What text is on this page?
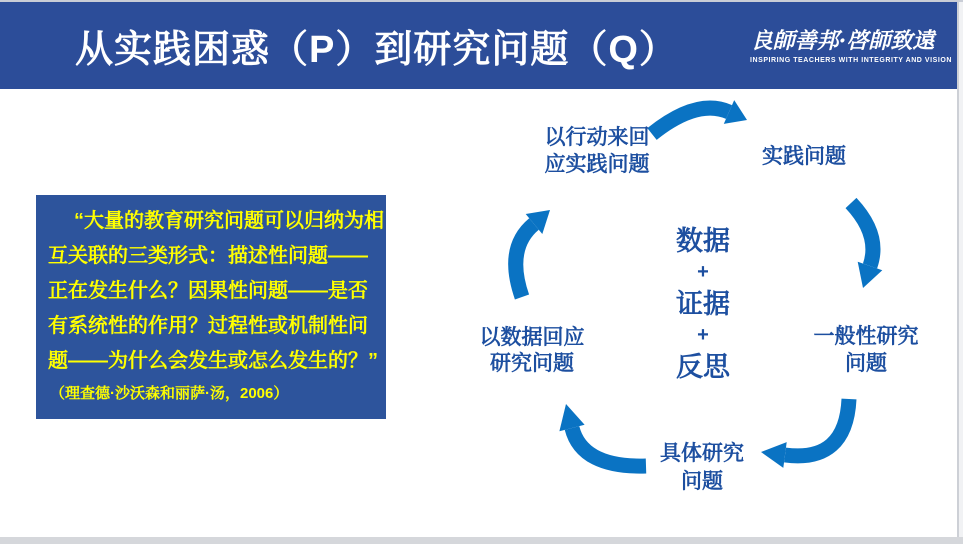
从实践困惑（P）到研究问题（Q）	良師善邦·啓師致遠
INSPIRING TEACHERS WITH INTEGRITY AND VISION
“大量的教育研究问题可以归纳为相
互关联的三类形式：描述性问题——
正在发生什么？因果性问题——是否
有系统性的作用？过程性或机制性问
题——为什么会发生或怎么发生的？”
（理查德·沙沃森和丽萨·汤，2006）
以行动来回
应实践问题	实践问题
一般性研究
问题
具体研究
问题
以数据回应
研究问题
数据
+
证据
+
反思
